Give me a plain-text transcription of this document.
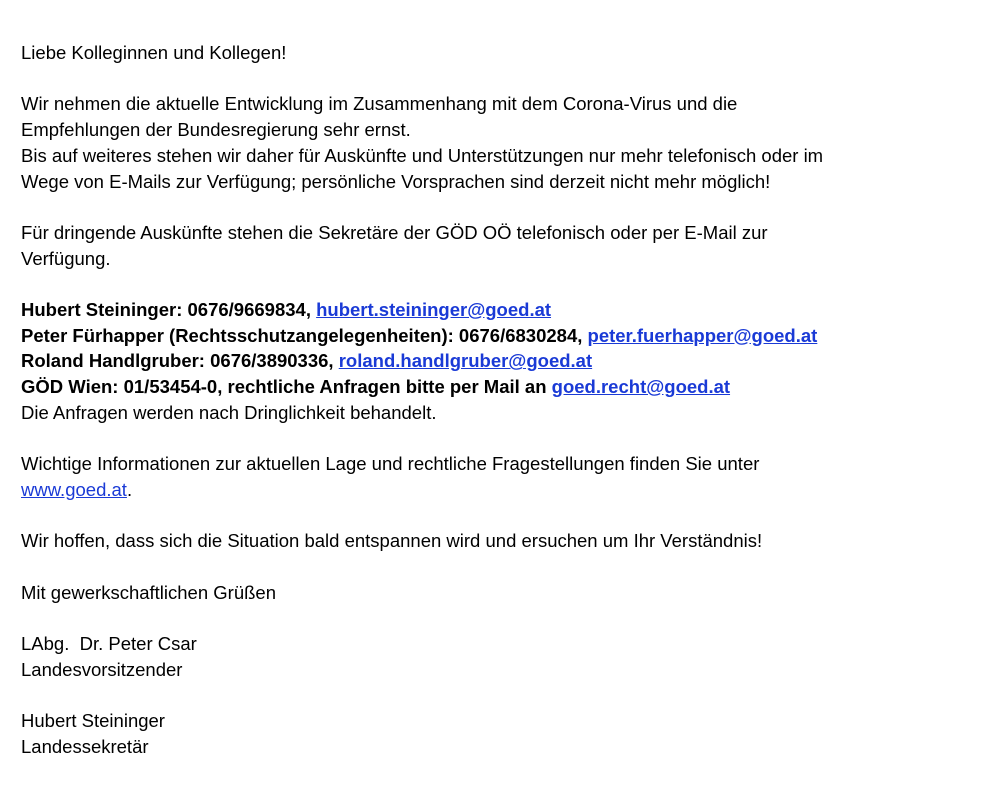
Liebe Kolleginnen und Kollegen!

Wir nehmen die aktuelle Entwicklung im Zusammenhang mit dem Corona-Virus und die
Empfehlungen der Bundesregierung sehr ernst.
Bis auf weiteres stehen wir daher für Auskünfte und Unterstützungen nur mehr telefonisch oder im
Wege von E-Mails zur Verfügung; persönliche Vorsprachen sind derzeit nicht mehr möglich!

Für dringende Auskünfte stehen die Sekretäre der GÖD OÖ telefonisch oder per E-Mail zur
Verfügung.

Hubert Steininger: 0676/9669834, hubert.steininger@goed.at
Peter Fürhapper (Rechtsschutzangelegenheiten): 0676/6830284, peter.fuerhapper@goed.at
Roland Handlgruber: 0676/3890336, roland.handlgruber@goed.at
GÖD Wien: 01/53454-0, rechtliche Anfragen bitte per Mail an goed.recht@goed.at
Die Anfragen werden nach Dringlichkeit behandelt.

Wichtige Informationen zur aktuellen Lage und rechtliche Fragestellungen finden Sie unter
www.goed.at.

Wir hoffen, dass sich die Situation bald entspannen wird und ersuchen um Ihr Verständnis!

Mit gewerkschaftlichen Grüßen

LAbg.  Dr. Peter Csar
Landesvorsitzender

Hubert Steininger
Landessekretär
